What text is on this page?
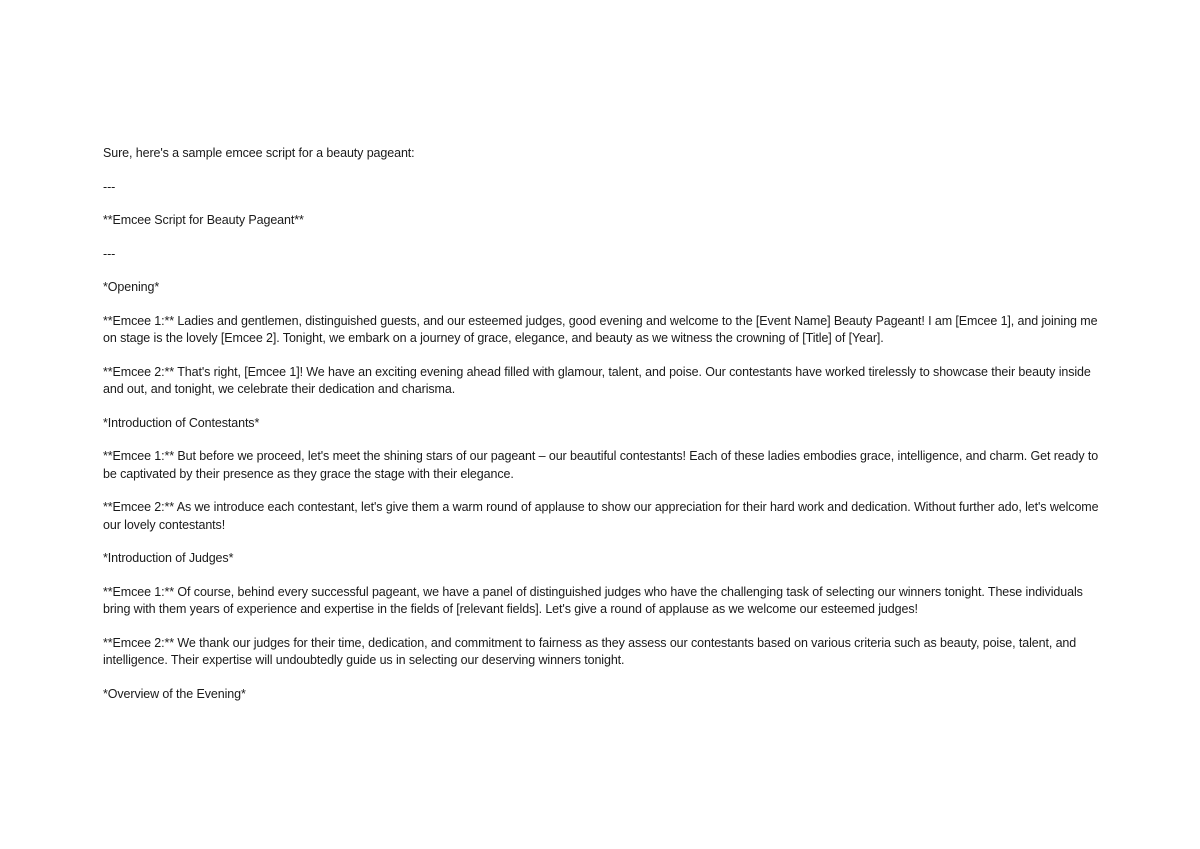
Sure, here's a sample emcee script for a beauty pageant:

---

**Emcee Script for Beauty Pageant**

---

*Opening*

**Emcee 1:** Ladies and gentlemen, distinguished guests, and our esteemed judges, good evening and welcome to the [Event Name] Beauty Pageant! I am [Emcee 1], and joining me on stage is the lovely [Emcee 2]. Tonight, we embark on a journey of grace, elegance, and beauty as we witness the crowning of [Title] of [Year].

**Emcee 2:** That's right, [Emcee 1]! We have an exciting evening ahead filled with glamour, talent, and poise. Our contestants have worked tirelessly to showcase their beauty inside and out, and tonight, we celebrate their dedication and charisma.

*Introduction of Contestants*

**Emcee 1:** But before we proceed, let's meet the shining stars of our pageant – our beautiful contestants! Each of these ladies embodies grace, intelligence, and charm. Get ready to be captivated by their presence as they grace the stage with their elegance.

**Emcee 2:** As we introduce each contestant, let's give them a warm round of applause to show our appreciation for their hard work and dedication. Without further ado, let's welcome our lovely contestants!

*Introduction of Judges*

**Emcee 1:** Of course, behind every successful pageant, we have a panel of distinguished judges who have the challenging task of selecting our winners tonight. These individuals bring with them years of experience and expertise in the fields of [relevant fields]. Let's give a round of applause as we welcome our esteemed judges!

**Emcee 2:** We thank our judges for their time, dedication, and commitment to fairness as they assess our contestants based on various criteria such as beauty, poise, talent, and intelligence. Their expertise will undoubtedly guide us in selecting our deserving winners tonight.

*Overview of the Evening*
